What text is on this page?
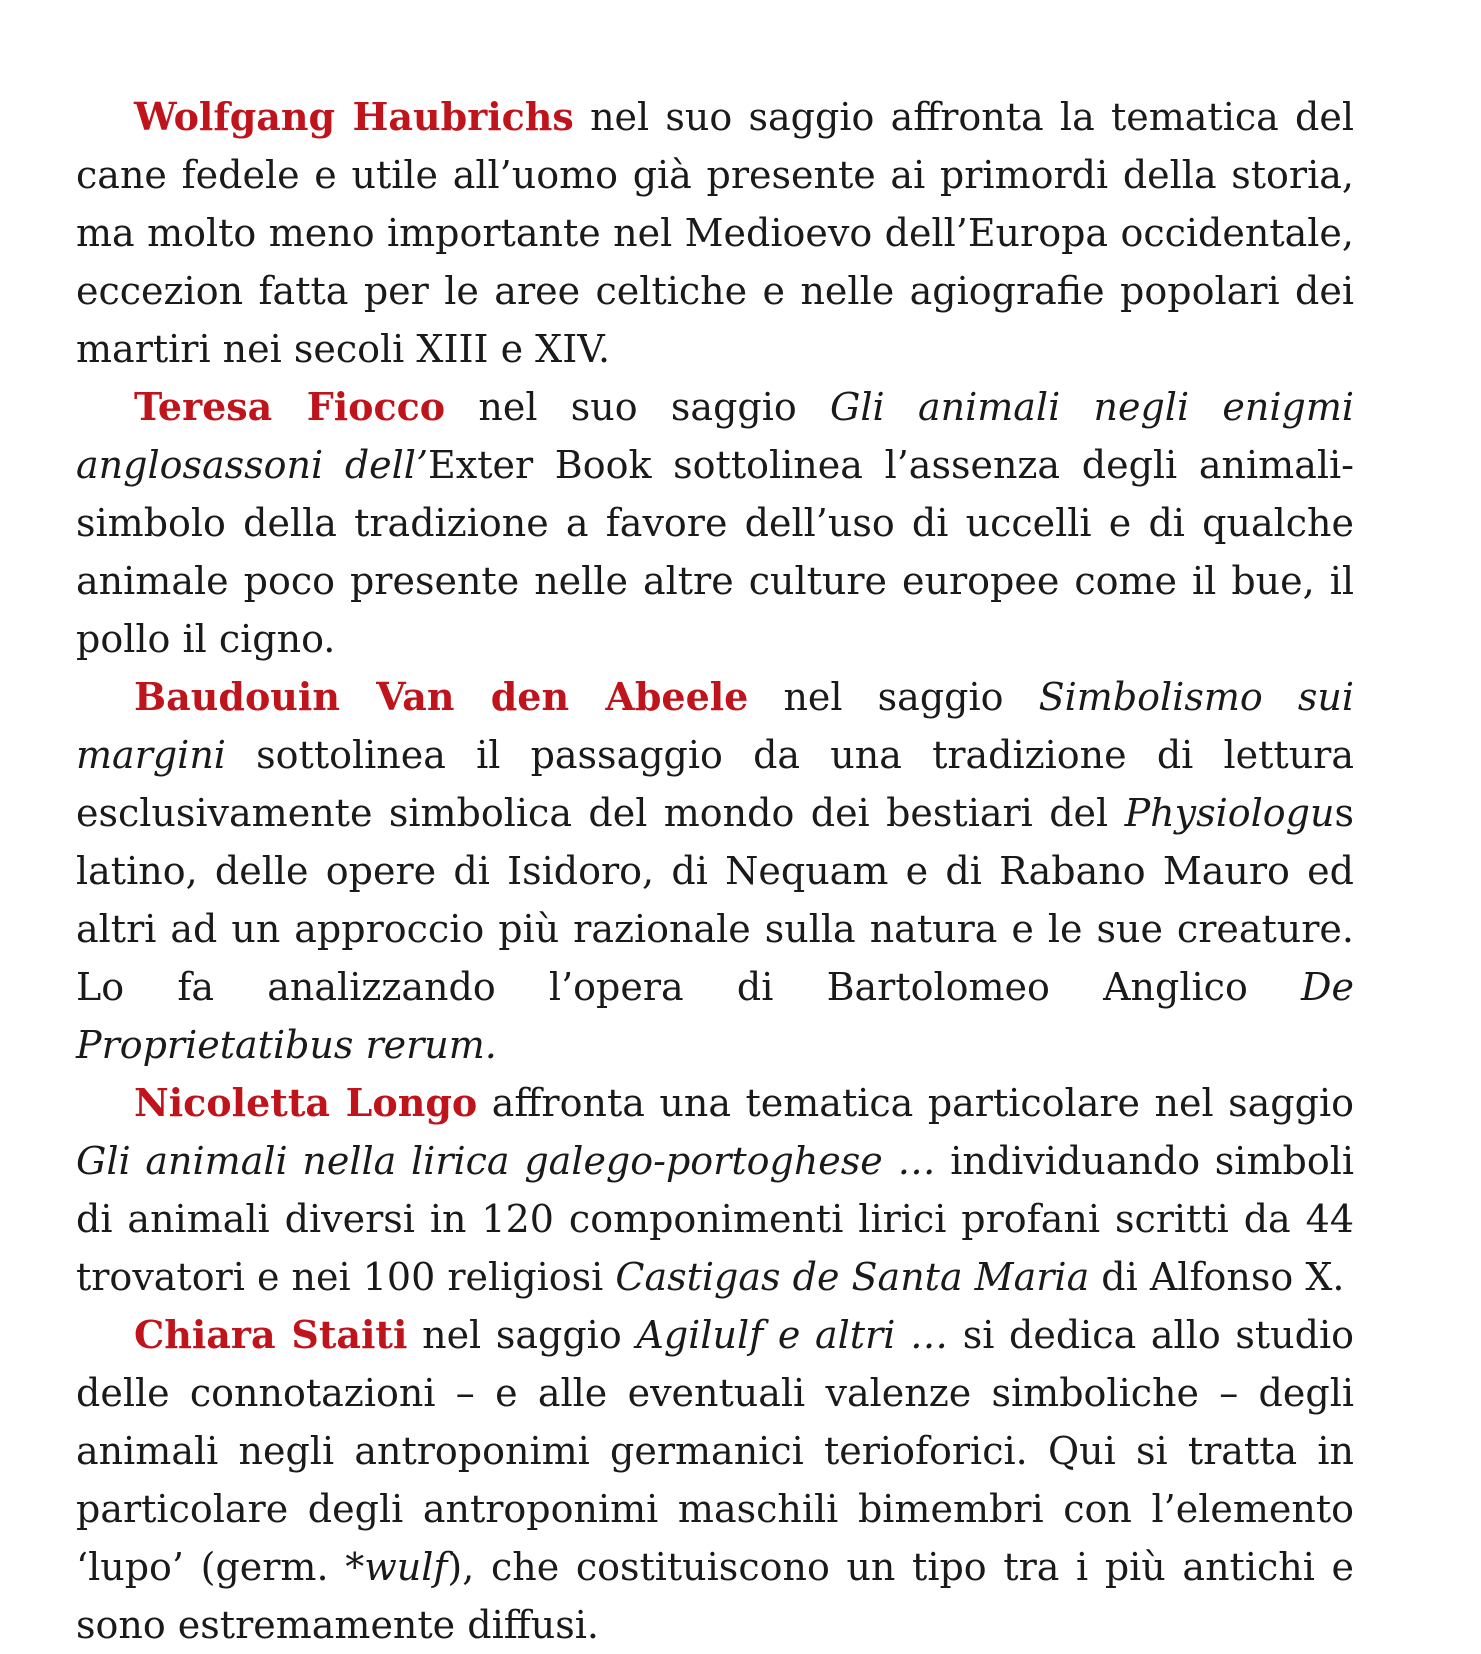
Wolfgang Haubrichs nel suo saggio affronta la tematica del cane fedele e utile all’uomo già presente ai primordi della storia, ma molto meno importante nel Medioevo dell’Europa occidentale, eccezion fatta per le aree celtiche e nelle agiografie popolari dei martiri nei secoli XIII e XIV.

Teresa Fiocco nel suo saggio Gli animali negli enigmi anglosassoni dell’Exter Book sottolinea l’assenza degli animali-simbolo della tradizione a favore dell’uso di uccelli e di qualche animale poco presente nelle altre culture europee come il bue, il pollo il cigno.

Baudouin Van den Abeele nel saggio Simbolismo sui margini sottolinea il passaggio da una tradizione di lettura esclusivamente simbolica del mondo dei bestiari del Physiologus latino, delle opere di Isidoro, di Nequam e di Rabano Mauro ed altri ad un approccio più razionale sulla natura e le sue creature. Lo fa analizzando l’opera di Bartolomeo Anglico De Proprietatibus rerum.

Nicoletta Longo affronta una tematica particolare nel saggio Gli animali nella lirica galego-portoghese … individuando simboli di animali diversi in 120 componimenti lirici profani scritti da 44 trovatori e nei 100 religiosi Castigas de Santa Maria di Alfonso X.

Chiara Staiti nel saggio Agilulf e altri … si dedica allo studio delle connotazioni – e alle eventuali valenze simboliche – degli animali negli antroponimi germanici terioforici. Qui si tratta in particolare degli antroponimi maschili bimembri con l’elemento ‘lupo’ (germ. *wulf), che costituiscono un tipo tra i più antichi e sono estremamente diffusi.
